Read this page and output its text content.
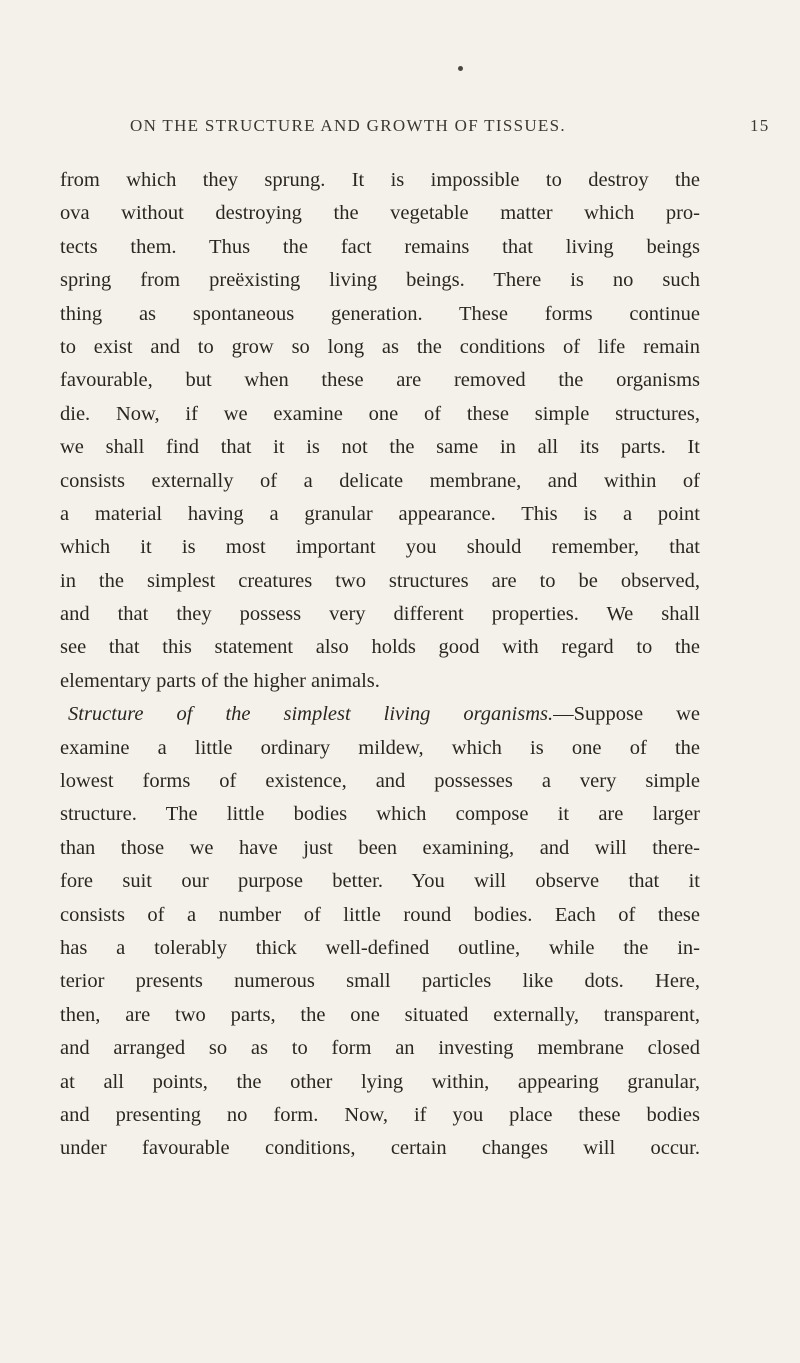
ON THE STRUCTURE AND GROWTH OF TISSUES.	15
from which they sprung. It is impossible to destroy the
ova without destroying the vegetable matter which pro-
tects them. Thus the fact remains that living beings
spring from preëxisting living beings. There is no such
thing as spontaneous generation. These forms continue
to exist and to grow so long as the conditions of life remain
favourable, but when these are removed the organisms
die. Now, if we examine one of these simple structures,
we shall find that it is not the same in all its parts. It
consists externally of a delicate membrane, and within of
a material having a granular appearance. This is a point
which it is most important you should remember, that
in the simplest creatures two structures are to be observed,
and that they possess very different properties. We shall
see that this statement also holds good with regard to the
elementary parts of the higher animals.
Structure of the simplest living organisms.—Suppose we
examine a little ordinary mildew, which is one of the
lowest forms of existence, and possesses a very simple
structure. The little bodies which compose it are larger
than those we have just been examining, and will there-
fore suit our purpose better. You will observe that it
consists of a number of little round bodies. Each of these
has a tolerably thick well-defined outline, while the in-
terior presents numerous small particles like dots. Here,
then, are two parts, the one situated externally, transparent,
and arranged so as to form an investing membrane closed
at all points, the other lying within, appearing granular,
and presenting no form. Now, if you place these bodies
under favourable conditions, certain changes will occur.
